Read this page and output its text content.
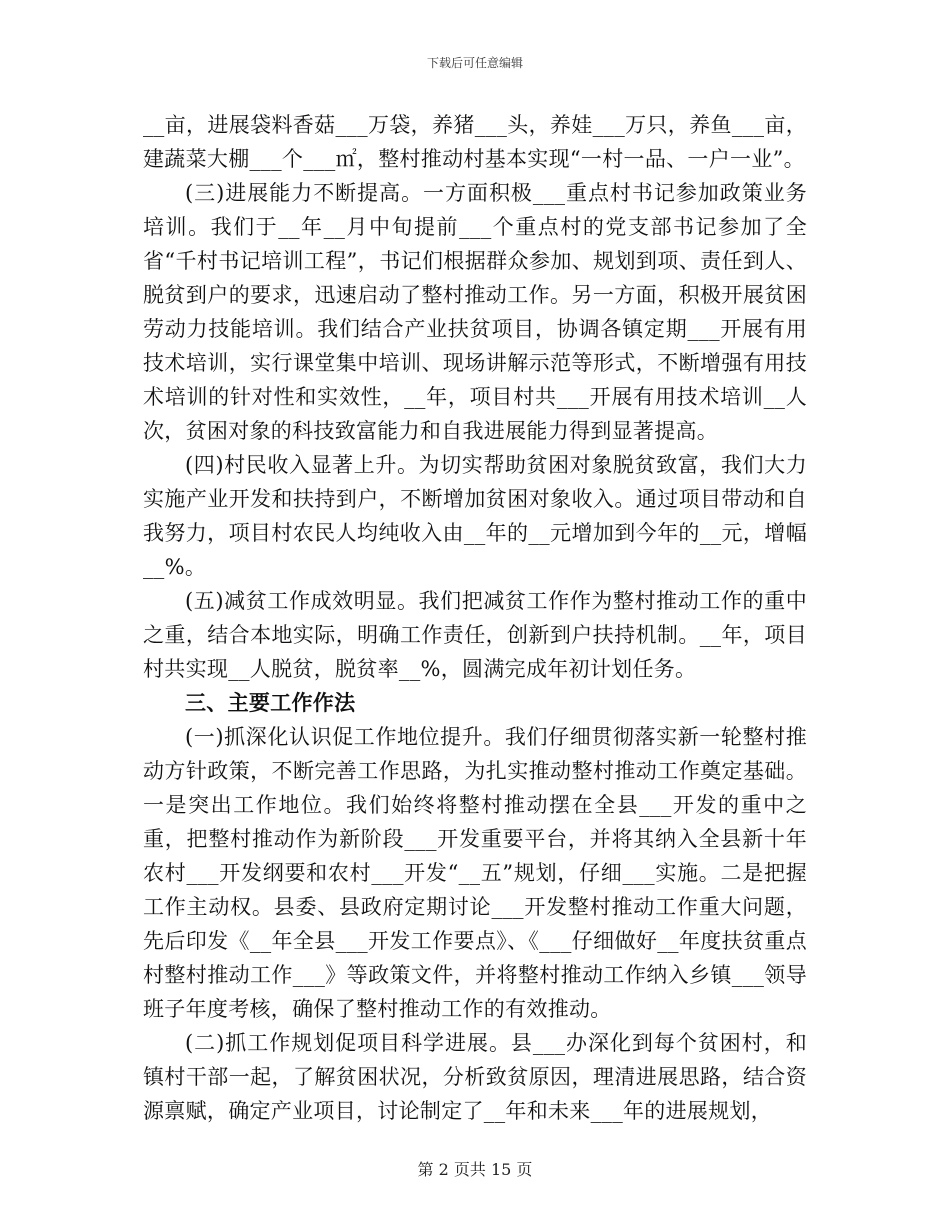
下载后可任意编辑

__亩，进展袋料香菇___万袋，养猪___头，养娃___万只，养鱼___亩，建蔬菜大棚___个___㎡，整村推动村基本实现“一村一品、一户一业”。

(三)进展能力不断提高。一方面积极___重点村书记参加政策业务培训。我们于__年__月中旬提前___个重点村的党支部书记参加了全省“千村书记培训工程”，书记们根据群众参加、规划到项、责任到人、脱贫到户的要求，迅速启动了整村推动工作。另一方面，积极开展贫困劳动力技能培训。我们结合产业扶贫项目，协调各镇定期___开展有用技术培训，实行课堂集中培训、现场讲解示范等形式，不断增强有用技术培训的针对性和实效性，__年，项目村共___开展有用技术培训__人次，贫困对象的科技致富能力和自我进展能力得到显著提高。

(四)村民收入显著上升。为切实帮助贫困对象脱贫致富，我们大力实施产业开发和扶持到户，不断增加贫困对象收入。通过项目带动和自我努力，项目村农民人均纯收入由__年的__元增加到今年的__元，增幅__%。

(五)减贫工作成效明显。我们把减贫工作作为整村推动工作的重中之重，结合本地实际，明确工作责任，创新到户扶持机制。__年，项目村共实现__人脱贫，脱贫率__%，圆满完成年初计划任务。

三、主要工作作法

(一)抓深化认识促工作地位提升。我们仔细贯彻落实新一轮整村推动方针政策，不断完善工作思路，为扎实推动整村推动工作奠定基础。一是突出工作地位。我们始终将整村推动摆在全县___开发的重中之重，把整村推动作为新阶段___开发重要平台，并将其纳入全县新十年农村___开发纲要和农村___开发“__五”规划，仔细___实施。二是把握工作主动权。县委、县政府定期讨论___开发整村推动工作重大问题，先后印发《__年全县___开发工作要点》、《___仔细做好__年度扶贫重点村整村推动工作___》等政策文件，并将整村推动工作纳入乡镇___领导班子年度考核，确保了整村推动工作的有效推动。

(二)抓工作规划促项目科学进展。县___办深化到每个贫困村，和镇村干部一起，了解贫困状况，分析致贫原因，理清进展思路，结合资源禀赋，确定产业项目，讨论制定了__年和未来___年的进展规划，

第 2 页共 15 页
